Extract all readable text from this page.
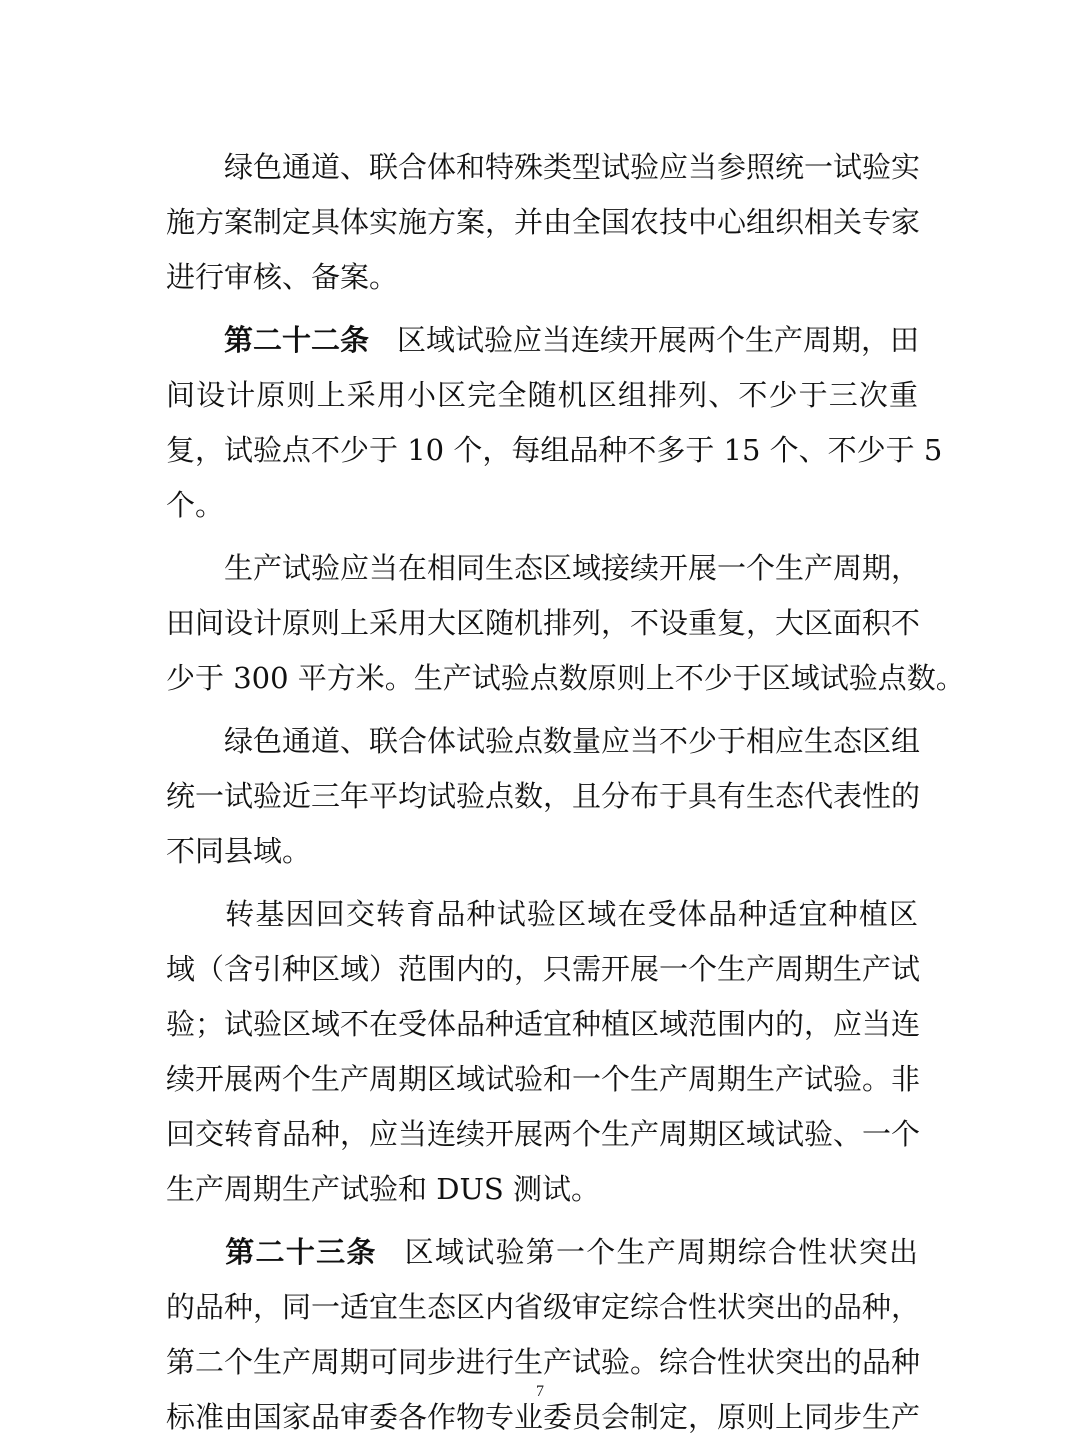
绿色通道、联合体和特殊类型试验应当参照统一试验实
施方案制定具体实施方案，并由全国农技中心组织相关专家
进行审核、备案。
第二十二条 区域试验应当连续开展两个生产周期，田
间设计原则上采用小区完全随机区组排列、不少于三次重
复，试验点不少于 10 个，每组品种不多于 15 个、不少于 5
个。
生产试验应当在相同生态区域接续开展一个生产周期，
田间设计原则上采用大区随机排列，不设重复，大区面积不
少于 300 平方米。生产试验点数原则上不少于区域试验点数。
绿色通道、联合体试验点数量应当不少于相应生态区组
统一试验近三年平均试验点数，且分布于具有生态代表性的
不同县域。
转基因回交转育品种试验区域在受体品种适宜种植区
域（含引种区域）范围内的，只需开展一个生产周期生产试
验；试验区域不在受体品种适宜种植区域范围内的，应当连
续开展两个生产周期区域试验和一个生产周期生产试验。非
回交转育品种，应当连续开展两个生产周期区域试验、一个
生产周期生产试验和 DUS 测试。
第二十三条 区域试验第一个生产周期综合性状突出
的品种，同一适宜生态区内省级审定综合性状突出的品种，
第二个生产周期可同步进行生产试验。综合性状突出的品种
标准由国家品审委各作物专业委员会制定，原则上同步生产
7
